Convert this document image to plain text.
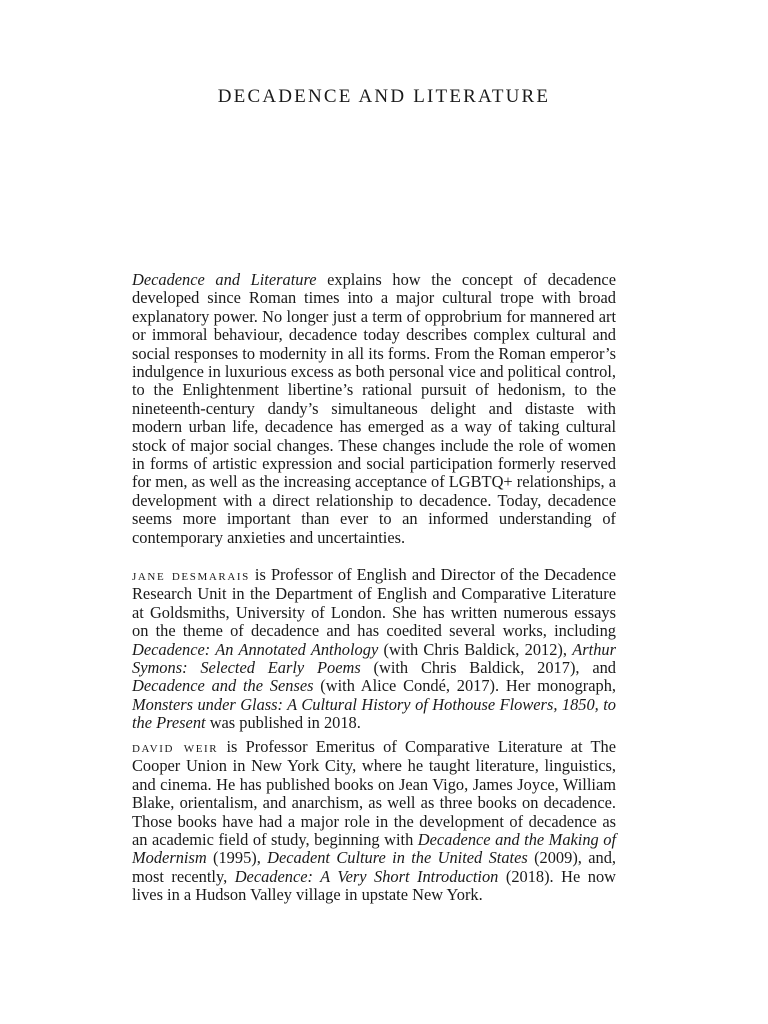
DECADENCE AND LITERATURE

Decadence and Literature explains how the concept of decadence developed since Roman times into a major cultural trope with broad explanatory power. No longer just a term of opprobrium for mannered art or immoral behaviour, decadence today describes complex cultural and social responses to modernity in all its forms. From the Roman emperor’s indulgence in luxurious excess as both personal vice and political control, to the Enlightenment libertine’s rational pursuit of hedonism, to the nineteenth-century dandy’s simultaneous delight and distaste with modern urban life, decadence has emerged as a way of taking cultural stock of major social changes. These changes include the role of women in forms of artistic expression and social participation formerly reserved for men, as well as the increasing acceptance of LGBTQ+ relationships, a development with a direct relationship to decadence. Today, decadence seems more important than ever to an informed understanding of contemporary anxieties and uncertainties.

jane desmarais is Professor of English and Director of the Decadence Research Unit in the Department of English and Comparative Literature at Goldsmiths, University of London. She has written numerous essays on the theme of decadence and has coedited several works, including Decadence: An Annotated Anthology (with Chris Baldick, 2012), Arthur Symons: Selected Early Poems (with Chris Baldick, 2017), and Decadence and the Senses (with Alice Condé, 2017). Her monograph, Monsters under Glass: A Cultural History of Hothouse Flowers, 1850, to the Present was published in 2018.

david weir is Professor Emeritus of Comparative Literature at The Cooper Union in New York City, where he taught literature, linguistics, and cinema. He has published books on Jean Vigo, James Joyce, William Blake, orientalism, and anarchism, as well as three books on decadence. Those books have had a major role in the development of decadence as an academic field of study, beginning with Decadence and the Making of Modernism (1995), Decadent Culture in the United States (2009), and, most recently, Decadence: A Very Short Introduction (2018). He now lives in a Hudson Valley village in upstate New York.
